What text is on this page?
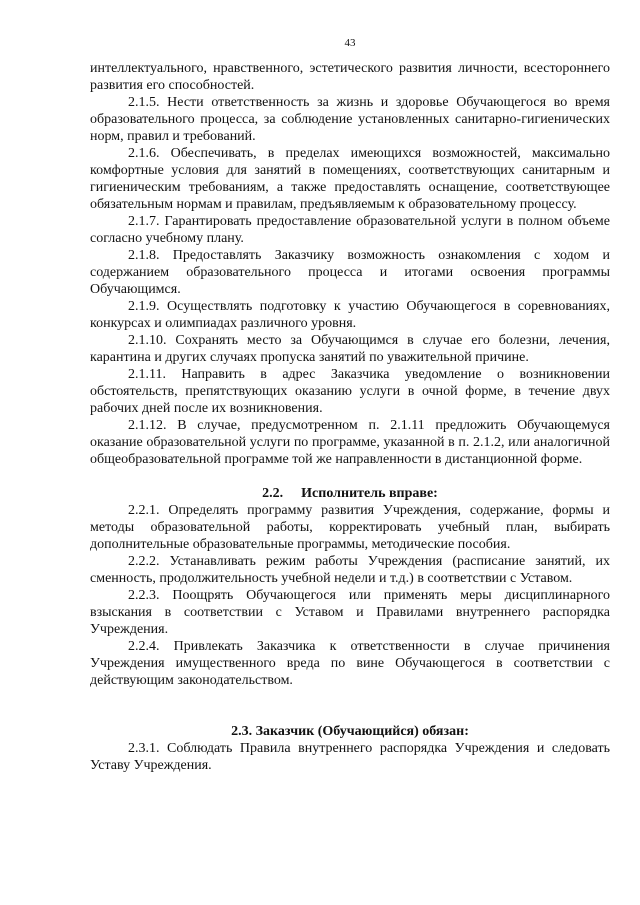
43

интеллектуального, нравственного, эстетического развития личности, всестороннего развития его способностей.

2.1.5. Нести ответственность за жизнь и здоровье Обучающегося во время образовательного процесса, за соблюдение установленных санитарно-гигиенических норм, правил и требований.

2.1.6. Обеспечивать, в пределах имеющихся возможностей, максимально комфортные условия для занятий в помещениях, соответствующих санитарным и гигиеническим требованиям, а также предоставлять оснащение, соответствующее обязательным нормам и правилам, предъявляемым к образовательному процессу.

2.1.7. Гарантировать предоставление образовательной услуги в полном объеме согласно учебному плану.

2.1.8. Предоставлять Заказчику возможность ознакомления с ходом и содержанием образовательного процесса и итогами освоения программы Обучающимся.

2.1.9. Осуществлять подготовку к участию Обучающегося в соревнованиях, конкурсах и олимпиадах различного уровня.

2.1.10. Сохранять место за Обучающимся в случае его болезни, лечения, карантина и других случаях пропуска занятий по уважительной причине.

2.1.11. Направить в адрес Заказчика уведомление о возникновении обстоятельств, препятствующих оказанию услуги в очной форме, в течение двух рабочих дней после их возникновения.

2.1.12. В случае, предусмотренном п. 2.1.11 предложить Обучающемуся оказание образовательной услуги по программе, указанной в п. 2.1.2, или аналогичной общеобразовательной программе той же направленности в дистанционной форме.

2.2. Исполнитель вправе:

2.2.1. Определять программу развития Учреждения, содержание, формы и методы образовательной работы, корректировать учебный план, выбирать дополнительные образовательные программы, методические пособия.

2.2.2. Устанавливать режим работы Учреждения (расписание занятий, их сменность, продолжительность учебной недели и т.д.) в соответствии с Уставом.

2.2.3. Поощрять Обучающегося или применять меры дисциплинарного взыскания в соответствии с Уставом и Правилами внутреннего распорядка Учреждения.

2.2.4. Привлекать Заказчика к ответственности в случае причинения Учреждения имущественного вреда по вине Обучающегося в соответствии с действующим законодательством.

2.3. Заказчик (Обучающийся) обязан:

2.3.1. Соблюдать Правила внутреннего распорядка Учреждения и следовать Уставу Учреждения.
